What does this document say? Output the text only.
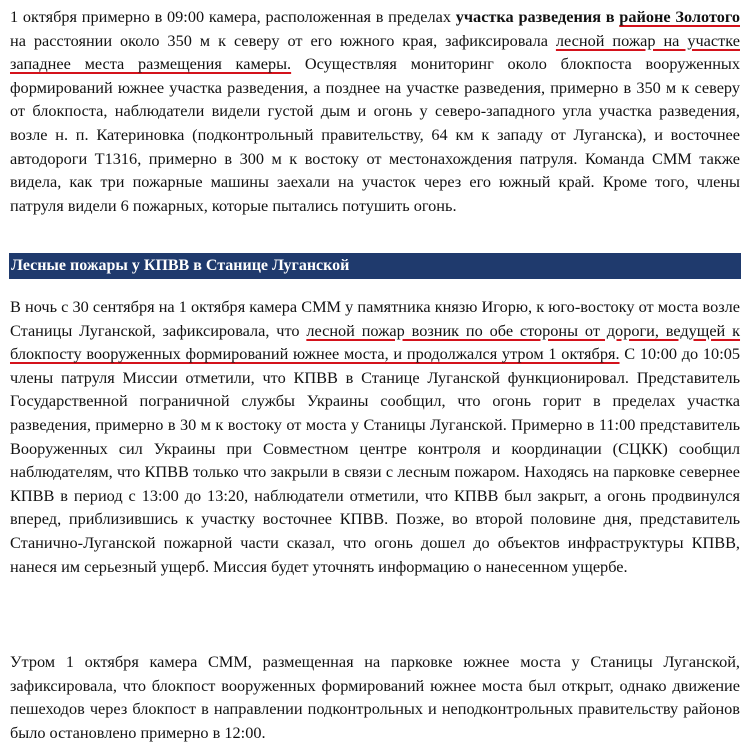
1 октября примерно в 09:00 камера, расположенная в пределах участка разведения в районе Золотого на расстоянии около 350 м к северу от его южного края, зафиксировала лесной пожар на участке западнее места размещения камеры. Осуществляя мониторинг около блокпоста вооруженных формирований южнее участка разведения, а позднее на участке разведения, примерно в 350 м к северу от блокпоста, наблюдатели видели густой дым и огонь у северо-западного угла участка разведения, возле н. п. Катериновка (подконтрольный правительству, 64 км к западу от Луганска), и восточнее автодороги Т1316, примерно в 300 м к востоку от местонахождения патруля. Команда СММ также видела, как три пожарные машины заехали на участок через его южный край. Кроме того, члены патруля видели 6 пожарных, которые пытались потушить огонь.

Лесные пожары у КПВВ в Станице Луганской

В ночь с 30 сентября на 1 октября камера СММ у памятника князю Игорю, к юго-востоку от моста возле Станицы Луганской, зафиксировала, что лесной пожар возник по обе стороны от дороги, ведущей к блокпосту вооруженных формирований южнее моста, и продолжался утром 1 октября. С 10:00 до 10:05 члены патруля Миссии отметили, что КПВВ в Станице Луганской функционировал. Представитель Государственной пограничной службы Украины сообщил, что огонь горит в пределах участка разведения, примерно в 30 м к востоку от моста у Станицы Луганской. Примерно в 11:00 представитель Вооруженных сил Украины при Совместном центре контроля и координации (СЦКК) сообщил наблюдателям, что КПВВ только что закрыли в связи с лесным пожаром. Находясь на парковке севернее КПВВ в период с 13:00 до 13:20, наблюдатели отметили, что КПВВ был закрыт, а огонь продвинулся вперед, приблизившись к участку восточнее КПВВ. Позже, во второй половине дня, представитель Станично-Луганской пожарной части сказал, что огонь дошел до объектов инфраструктуры КПВВ, нанеся им серьезный ущерб. Миссия будет уточнять информацию о нанесенном ущербе.

Утром 1 октября камера СММ, размещенная на парковке южнее моста у Станицы Луганской, зафиксировала, что блокпост вооруженных формирований южнее моста был открыт, однако движение пешеходов через блокпост в направлении подконтрольных и неподконтрольных правительству районов было остановлено примерно в 12:00.
